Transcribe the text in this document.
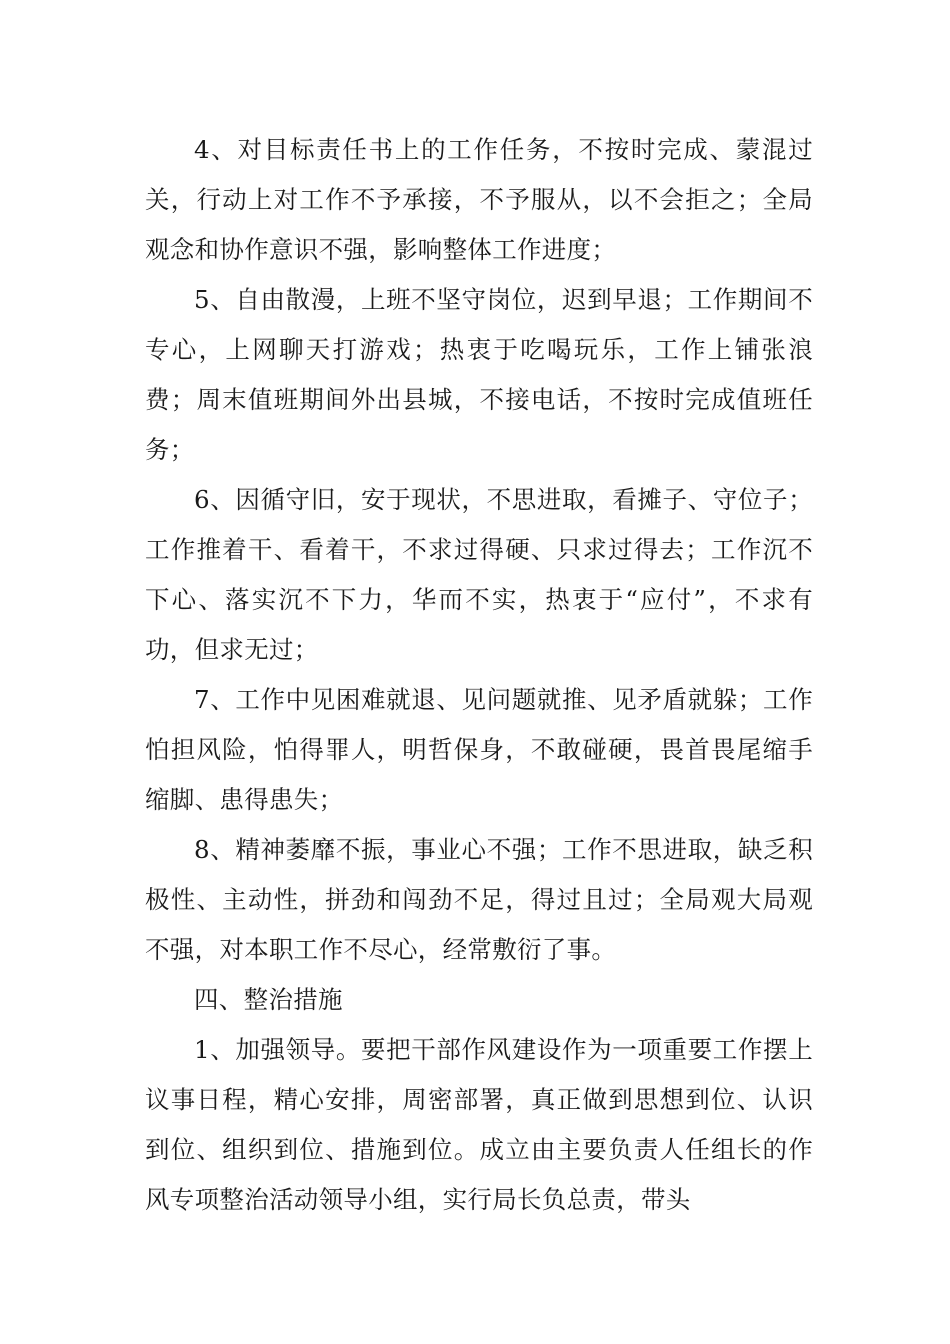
4、对目标责任书上的工作任务，不按时完成、蒙混过关，行动上对工作不予承接，不予服从，以不会拒之；全局观念和协作意识不强，影响整体工作进度；

5、自由散漫，上班不坚守岗位，迟到早退；工作期间不专心，上网聊天打游戏；热衷于吃喝玩乐，工作上铺张浪费；周末值班期间外出县城，不接电话，不按时完成值班任务；

6、因循守旧，安于现状，不思进取，看摊子、守位子；工作推着干、看着干，不求过得硬、只求过得去；工作沉不下心、落实沉不下力，华而不实，热衷于“应付”，不求有功，但求无过；

7、工作中见困难就退、见问题就推、见矛盾就躲；工作怕担风险，怕得罪人，明哲保身，不敢碰硬，畏首畏尾缩手缩脚、患得患失；

8、精神萎靡不振，事业心不强；工作不思进取，缺乏积极性、主动性，拼劲和闯劲不足，得过且过；全局观大局观不强，对本职工作不尽心，经常敷衍了事。

四、整治措施

1、加强领导。要把干部作风建设作为一项重要工作摆上议事日程，精心安排，周密部署，真正做到思想到位、认识到位、组织到位、措施到位。成立由主要负责人任组长的作风专项整治活动领导小组，实行局长负总责，带头
